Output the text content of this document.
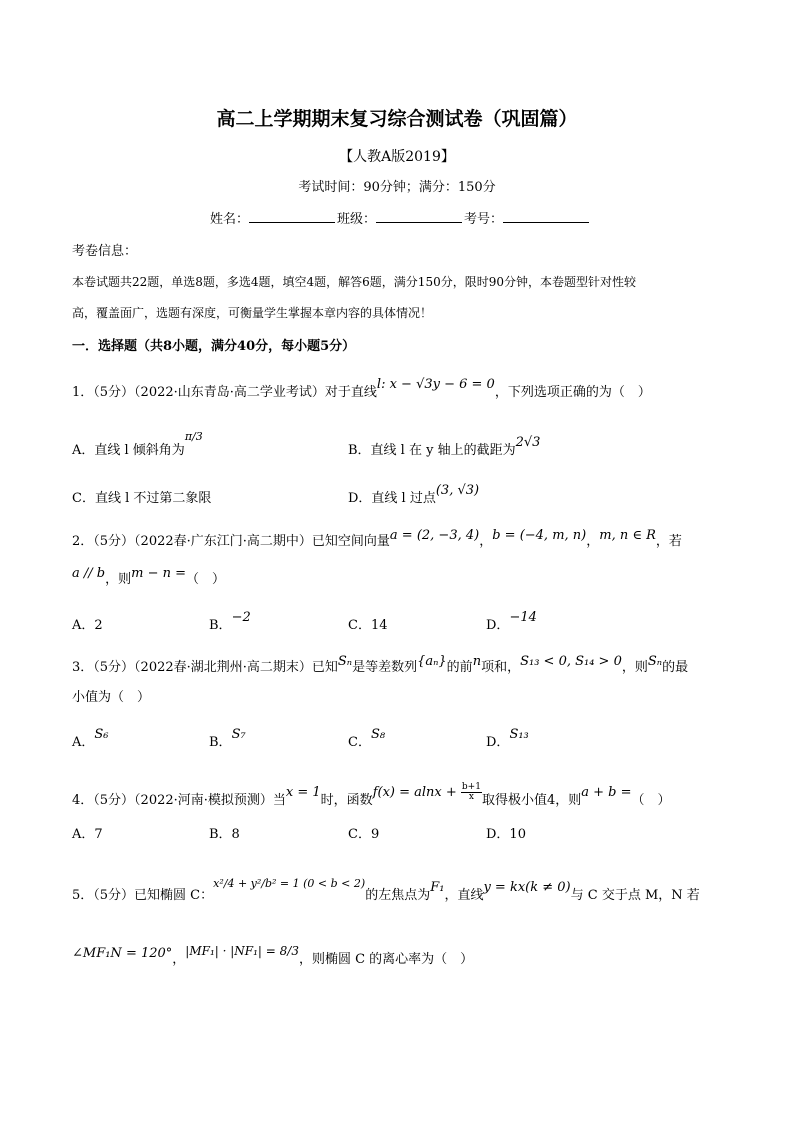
高二上学期期末复习综合测试卷（巩固篇）
【人教A版2019】
考试时间：90分钟；满分：150分
姓名：	班级：	考号：
考卷信息：
本卷试题共22题，单选8题，多选4题，填空4题，解答6题，满分150分，限时90分钟，本卷题型针对性较
高，覆盖面广，选题有深度，可衡量学生掌握本章内容的具体情况！
一．选择题（共8小题，满分40分，每小题5分）
1．（5分）（2022·山东青岛·高二学业考试）对于直线l: x − √3y − 6 = 0，下列选项正确的为（　）
A．直线 l 倾斜角为$^{\pi/3}$
B．直线 l 在 y 轴上的截距为2√3
C．直线 l 不过第二象限	D．直线 l 过点(3, √3)
2．（5分）（2022春·广东江门·高二期中）已知空间向量a = (2, −3, 4)，b = (−4, m, n)，m, n ∈ R，若
a // b，则m − n =（　）
A．2	B．−2
C．14	D．−14
3．（5分）（2022春·湖北荆州·高二期末）已知Sₙ是等差数列{aₙ}的前n项和，S₁₃ < 0, S₁₄ > 0，则Sₙ的最
小值为（　）
A．S₆
B．S₇
C．S₈
D．S₁₃
4．（5分）（2022·河南·模拟预测）当x = 1时，函数$f(x) = alnx + \frac{b+1}{x}$ 取得极小值4，则a + b =（　）
A．7	B．8	C．9	D．10
5．（5分）已知椭圆 C：$^{x^2/4 + y^2/b^2 = 1 (0 < b < 2)}$的左焦点为F₁，直线y = kx(k ≠ 0)与 C 交于点 M，N 若
∠MF₁N = 120°，|MF₁| · |NF₁| = 8/3，则椭圆 C 的离心率为（　）
